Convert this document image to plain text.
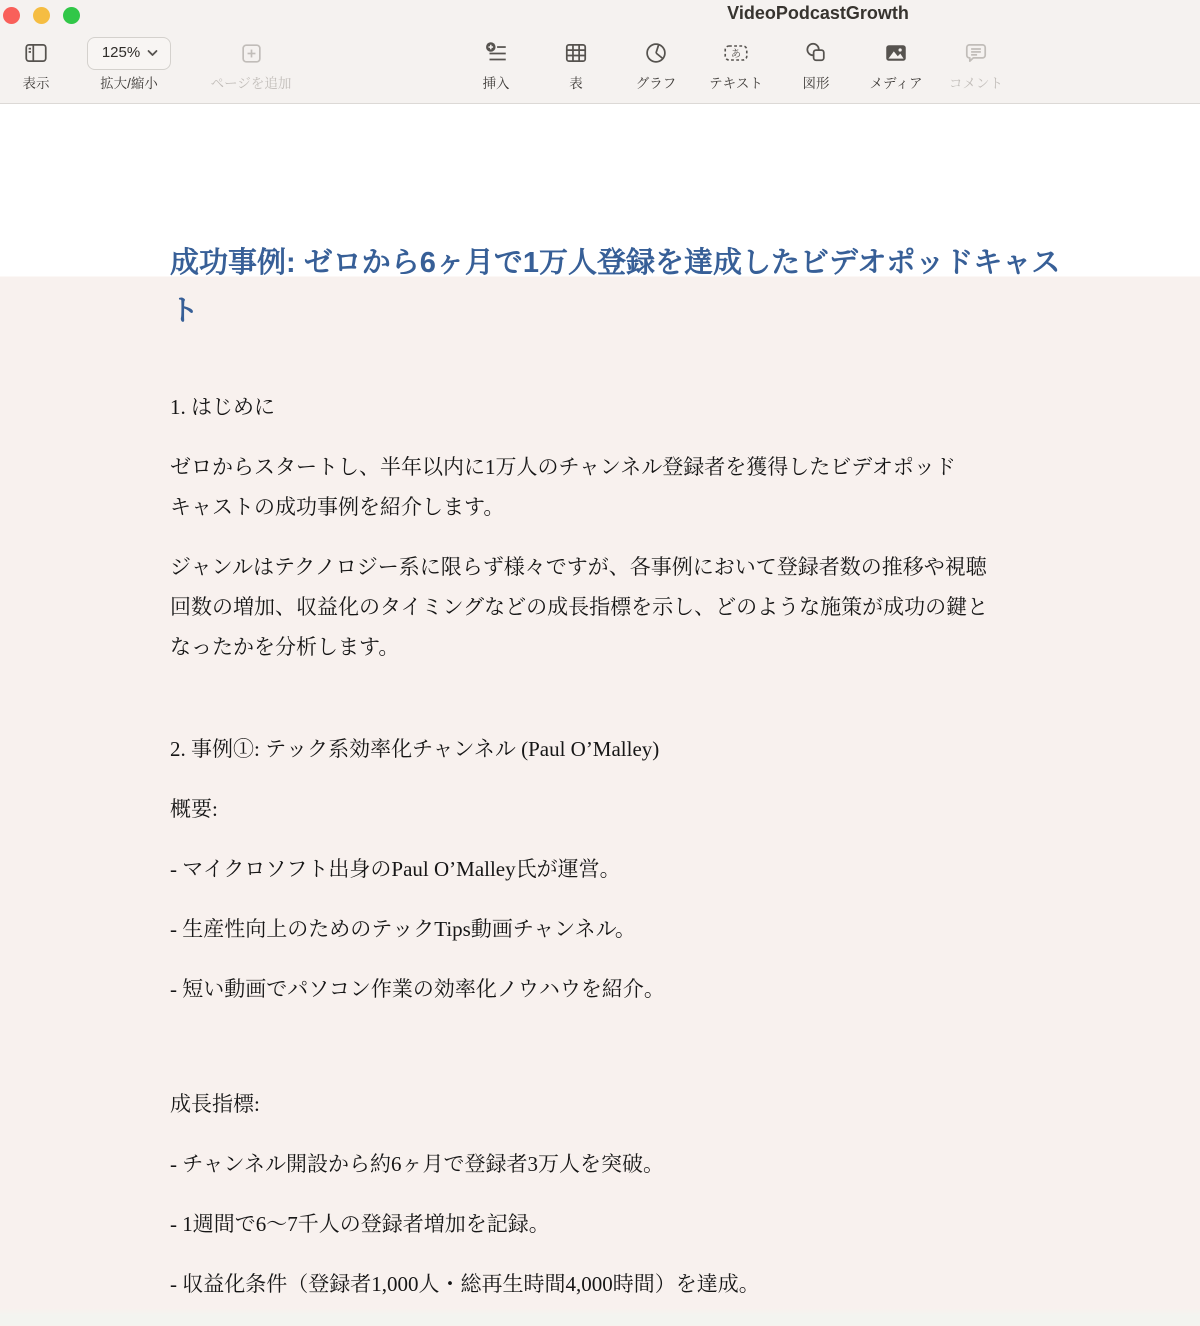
VideoPodcastGrowth
表示
125%
拡大/縮小	ページを追加	挿入	表	グラフ
あ
テキスト	図形	メディア コメント
成功事例: ゼロから6ヶ月で1万人登録を達成したビデオポッドキャス
ト
1. はじめに
ゼロからスタートし、半年以内に1万人のチャンネル登録者を獲得したビデオポッド
キャストの成功事例を紹介します。
ジャンルはテクノロジー系に限らず様々ですが、各事例において登録者数の推移や視聴
回数の増加、収益化のタイミングなどの成長指標を示し、どのような施策が成功の鍵と
なったかを分析します。
2. 事例①: テック系効率化チャンネル (Paul O’Malley)
概要:
- マイクロソフト出身のPaul O’Malley氏が運営。
- 生産性向上のためのテックTips動画チャンネル。
- 短い動画でパソコン作業の効率化ノウハウを紹介。
成長指標:
- チャンネル開設から約6ヶ月で登録者3万人を突破。
- 1週間で6〜7千人の登録者増加を記録。
- 収益化条件（登録者1,000人・総再生時間4,000時間）を達成。
